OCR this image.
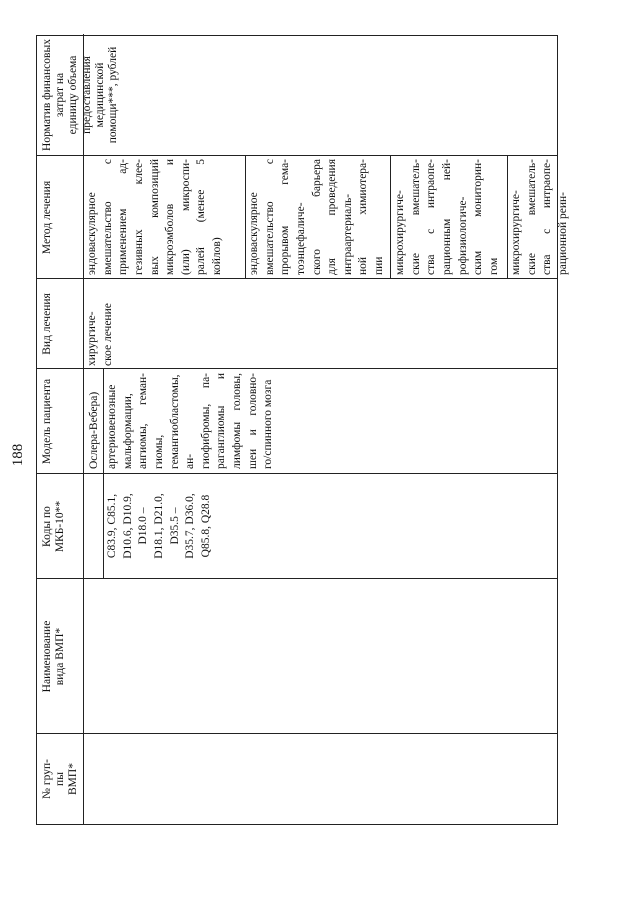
188
№ груп- пы ВМП*
Наименование вида ВМП*
Коды по МКБ-10**
Модель пациента
Вид лечения
Метод лечения
Норматив финансовых затрат на единицу объема предоставления медицинской помощи***, рублей
Ослера-Вебера)
C83.9, C85.1, D10.6, D10.9, D18.0 – D18.1, D21.0, D35.5 – D35.7, D36.0, Q85.8, Q28.8
артериовенозные мальформации, ангиомы, геман- гиомы, гемангиобластомы, ан- гиофибромы, па- раганглиомы и лимфомы головы, шеи и головно- го/спинного мозга
хирургиче- ское лечение
эндоваскулярное вмешательство с применением ад- гезивных клее- вых композиций микроэмболов и (или) микроспи- ралей (менее 5 койлов) эндоваскулярное вмешательство с прорывом гема- тоэнцефаличе- ского барьера для проведения интраартериаль- ной химиотера- пии микрохирургиче- ские вмешатель- ства с интраопе- рационным ней- рофизиологиче- ским мониторин- гом микрохирургиче- ские вмешатель- ства с интраопе- рационной реин-
